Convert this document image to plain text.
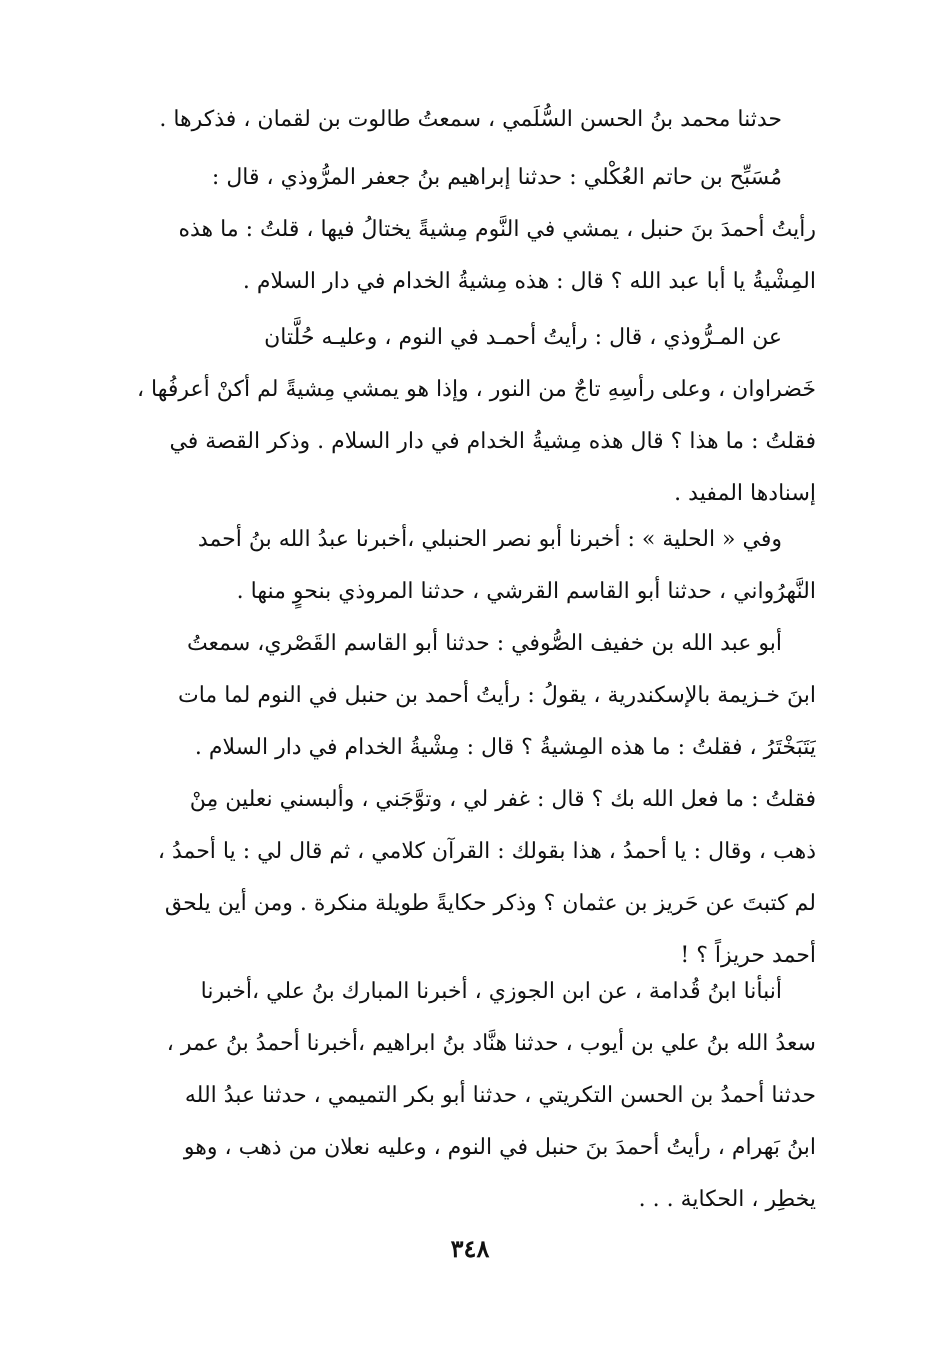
حدثنا محمد بنُ الحسن السُّلَمي ، سمعتُ طالوت بن لقمان ، فذكرها .

مُسَبِّح بن حاتم العُكْلي : حدثنا إبراهيم بنُ جعفر المرُّوذي ، قال :
رأيتُ أحمدَ بنَ حنبل ، يمشي في النَّوم مِشيةً يختالُ فيها ، قلتُ : ما هذه
المِشْيةُ يا أبا عبد الله ؟ قال : هذه مِشيةُ الخدام في دار السلام .

عن المـرُّوذي ، قال : رأيتُ أحمـد في النوم ، وعليـه حُلَّتان
خَضراوان ، وعلى رأسِهِ تاجٌ من النور ، وإذا هو يمشي مِشيةً لم أكنْ أعرفُها ،
فقلتُ : ما هذا ؟ قال هذه مِشيةُ الخدام في دار السلام . وذكر القصة في
إسنادها المفيد .

وفي « الحلية » : أخبرنا أبو نصر الحنبلي ،أخبرنا عبدُ الله بنُ أحمد
النَّهرُواني ، حدثنا أبو القاسم القرشي ، حدثنا المروذي بنحوٍ منها .

أبو عبد الله بن خفيف الصُّوفي : حدثنا أبو القاسم القَصْري، سمعتُ
ابنَ خـزيمة بالإسكندرية ، يقولُ : رأيتُ أحمد بن حنبل في النوم لما مات
يَتَبَخْتَرُ ، فقلتُ : ما هذه المِشيةُ ؟ قال : مِشْيةُ الخدام في دار السلام .
فقلتُ : ما فعل الله بك ؟ قال : غفر لي ، وتوَّجَني ، وألبسني نعلين مِنْ
ذهب ، وقال : يا أحمدُ ، هذا بقولك : القرآن كلامي ، ثم قال لي : يا أحمدُ ،
لم كتبتَ عن حَريز بن عثمان ؟ وذكر حكايةً طويلة منكرة . ومن أين يلحق
أحمد حريزاً ؟ !

أنبأنا ابنُ قُدامة ، عن ابن الجوزي ، أخبرنا المبارك بنُ علي ،أخبرنا
سعدُ الله بنُ علي بن أيوب ، حدثنا هنَّاد بنُ ابراهيم ،أخبرنا أحمدُ بنُ عمر ،
حدثنا أحمدُ بن الحسن التكريتي ، حدثنا أبو بكر التميمي ، حدثنا عبدُ الله
ابنُ بَهرام ، رأيتُ أحمدَ بنَ حنبل في النوم ، وعليه نعلان من ذهب ، وهو
يخطِر ، الحكاية . . .

٣٤٨
